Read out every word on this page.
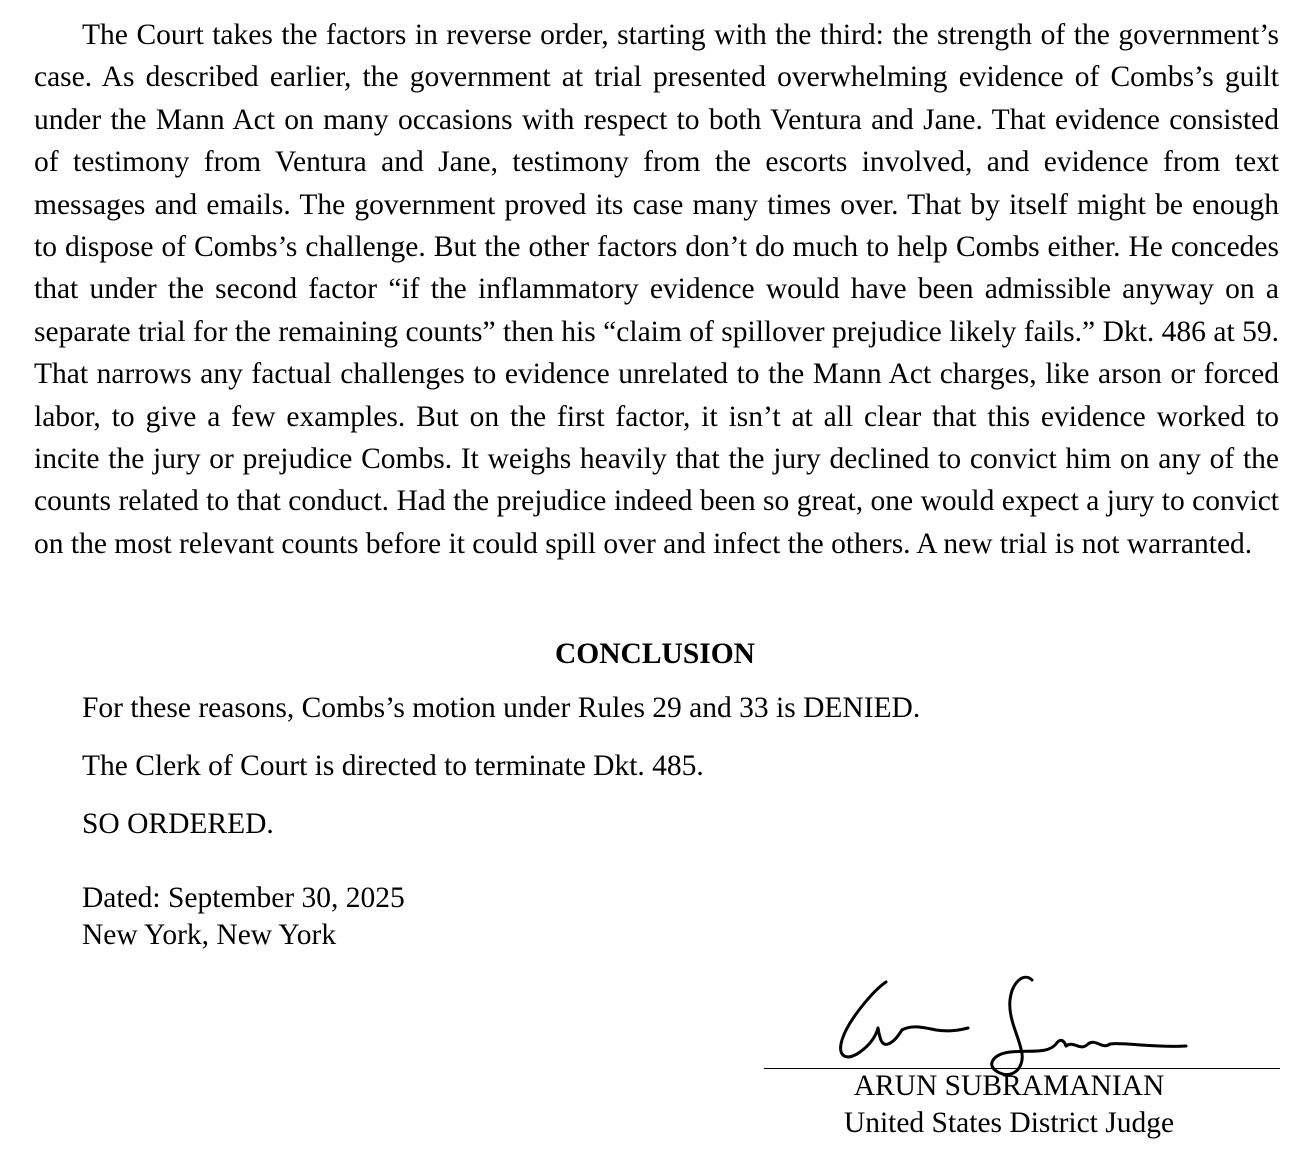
The Court takes the factors in reverse order, starting with the third: the strength of the government’s case. As described earlier, the government at trial presented overwhelming evidence of Combs’s guilt under the Mann Act on many occasions with respect to both Ventura and Jane. That evidence consisted of testimony from Ventura and Jane, testimony from the escorts involved, and evidence from text messages and emails. The government proved its case many times over. That by itself might be enough to dispose of Combs’s challenge. But the other factors don’t do much to help Combs either. He concedes that under the second factor “if the inflammatory evidence would have been admissible anyway on a separate trial for the remaining counts” then his “claim of spillover prejudice likely fails.” Dkt. 486 at 59. That narrows any factual challenges to evidence unrelated to the Mann Act charges, like arson or forced labor, to give a few examples. But on the first factor, it isn’t at all clear that this evidence worked to incite the jury or prejudice Combs. It weighs heavily that the jury declined to convict him on any of the counts related to that conduct. Had the prejudice indeed been so great, one would expect a jury to convict on the most relevant counts before it could spill over and infect the others. A new trial is not warranted.

CONCLUSION

For these reasons, Combs’s motion under Rules 29 and 33 is DENIED.

The Clerk of Court is directed to terminate Dkt. 485.

SO ORDERED.

Dated: September 30, 2025

New York, New York

ARUN SUBRAMANIAN
United States District Judge
